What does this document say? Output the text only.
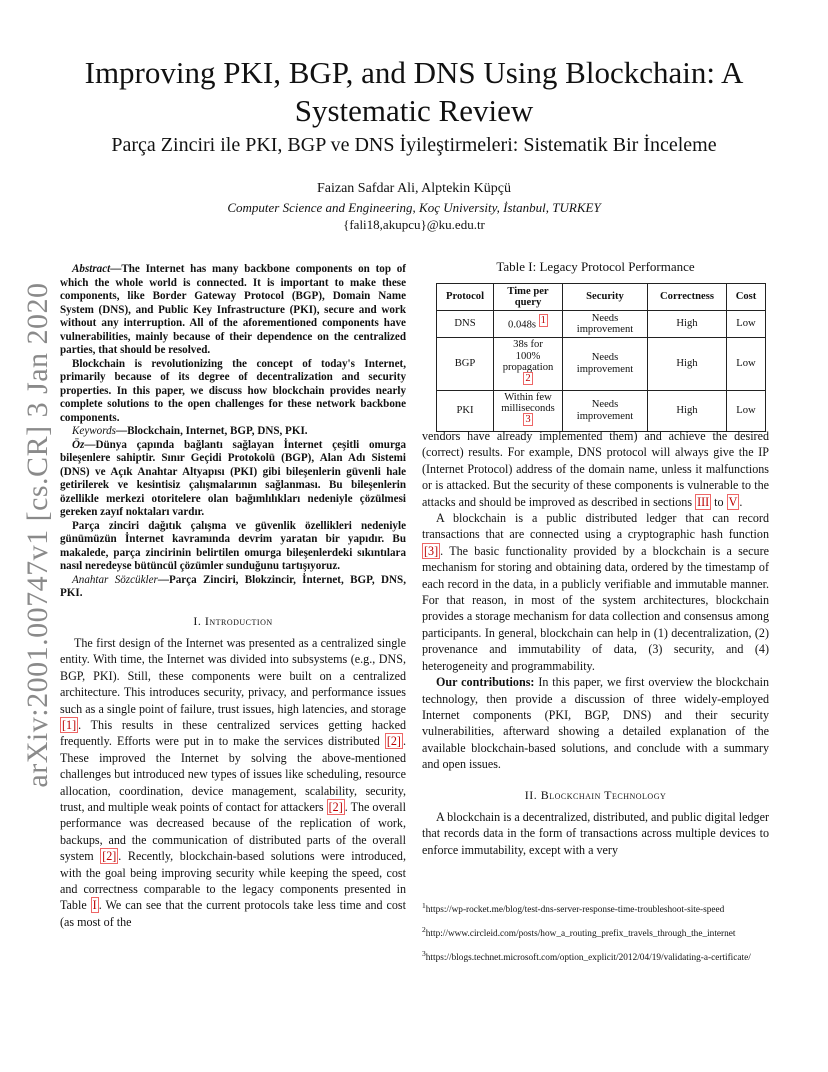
arXiv:2001.00747v1 [cs.CR] 3 Jan 2020
Improving PKI, BGP, and DNS Using Blockchain: A Systematic Review
Parça Zinciri ile PKI, BGP ve DNS İyileştirmeleri: Sistematik Bir İnceleme
Faizan Safdar Ali, Alptekin Küpçü
Computer Science and Engineering, Koç University, İstanbul, TURKEY
{fali18,akupcu}@ku.edu.tr

Abstract—The Internet has many backbone components on top of which the whole world is connected. It is important to make these components, like Border Gateway Protocol (BGP), Domain Name System (DNS), and Public Key Infrastructure (PKI), secure and work without any interruption. All of the aforementioned components have vulnerabilities, mainly because of their dependence on the centralized parties, that should be resolved.

Blockchain is revolutionizing the concept of today's Internet, primarily because of its degree of decentralization and security properties. In this paper, we discuss how blockchain provides nearly complete solutions to the open challenges for these network backbone components.

Keywords—Blockchain, Internet, BGP, DNS, PKI.

Öz—Dünya çapında bağlantı sağlayan İnternet çeşitli omurga bileşenlere sahiptir. Sınır Geçidi Protokolü (BGP), Alan Adı Sistemi (DNS) ve Açık Anahtar Altyapısı (PKI) gibi bileşenlerin güvenli hale getirilerek ve kesintisiz çalışmalarının sağlanması. Bu bileşenlerin özellikle merkezi otoritelere olan bağımlılıkları nedeniyle çözülmesi gereken zayıf noktaları vardır.

Parça zinciri dağıtık çalışma ve güvenlik özellikleri nedeniyle günümüzün İnternet kavramında devrim yaratan bir yapıdır. Bu makalede, parça zincirinin belirtilen omurga bileşenlerdeki sıkıntılara nasıl neredeyse bütüncül çözümler sunduğunu tartışıyoruz.

Anahtar Sözcükler—Parça Zinciri, Blokzincir, İnternet, BGP, DNS, PKI.

I. Introduction

The first design of the Internet was presented as a centralized single entity. With time, the Internet was divided into subsystems (e.g., DNS, BGP, PKI). Still, these components were built on a centralized architecture. This introduces security, privacy, and performance issues such as a single point of failure, trust issues, high latencies, and storage [1] . This results in these centralized services getting hacked frequently. Efforts were put in to make the services distributed [2] . These improved the Internet by solving the above-mentioned challenges but introduced new types of issues like scheduling, resource allocation, coordination, device management, scalability, security, trust, and multiple weak points of contact for attackers [2] . The overall performance was decreased because of the replication of work, backups, and the communication of distributed parts of the overall system [2] . Recently, blockchain-based solutions were introduced, with the goal being improving security while keeping the speed, cost and correctness comparable to the legacy components presented in Table I . We can see that the current protocols take less time and cost (as most of the

Table I: Legacy Protocol Performance
Protocol	Time per query	Security	Correctness	Cost
DNS	0.048s 1	Needs improvement	High	Low
BGP	38s for 100% propagation 2	Needs improvement	High	Low
PKI	Within few milliseconds 3	Needs improvement	High	Low

vendors have already implemented them) and achieve the desired (correct) results. For example, DNS protocol will always give the IP (Internet Protocol) address of the domain name, unless it malfunctions or is attacked. But the security of these components is vulnerable to the attacks and should be improved as described in sections III to V .

A blockchain is a public distributed ledger that can record transactions that are connected using a cryptographic hash function [3] . The basic functionality provided by a blockchain is a secure mechanism for storing and obtaining data, ordered by the timestamp of each record in the data, in a publicly verifiable and immutable manner. For that reason, in most of the system architectures, blockchain provides a storage mechanism for data collection and consensus among participants. In general, blockchain can help in (1) decentralization, (2) provenance and immutability of data, (3) security, and (4) heterogeneity and programmability.

Our contributions: In this paper, we first overview the blockchain technology, then provide a discussion of three widely-employed Internet components (PKI, BGP, DNS) and their security vulnerabilities, afterward showing a detailed explanation of the available blockchain-based solutions, and conclude with a summary and open issues.

II. Blockchain Technology

A blockchain is a decentralized, distributed, and public digital ledger that records data in the form of transactions across multiple devices to enforce immutability, except with a very

$^1$https://wp-rocket.me/blog/test-dns-server-response-time-troubleshoot-site-speed
$^2$http://www.circleid.com/posts/how_a_routing_prefix_travels_through_the_internet
$^3$https://blogs.technet.microsoft.com/option_explicit/2012/04/19/validating-a-certificate/
